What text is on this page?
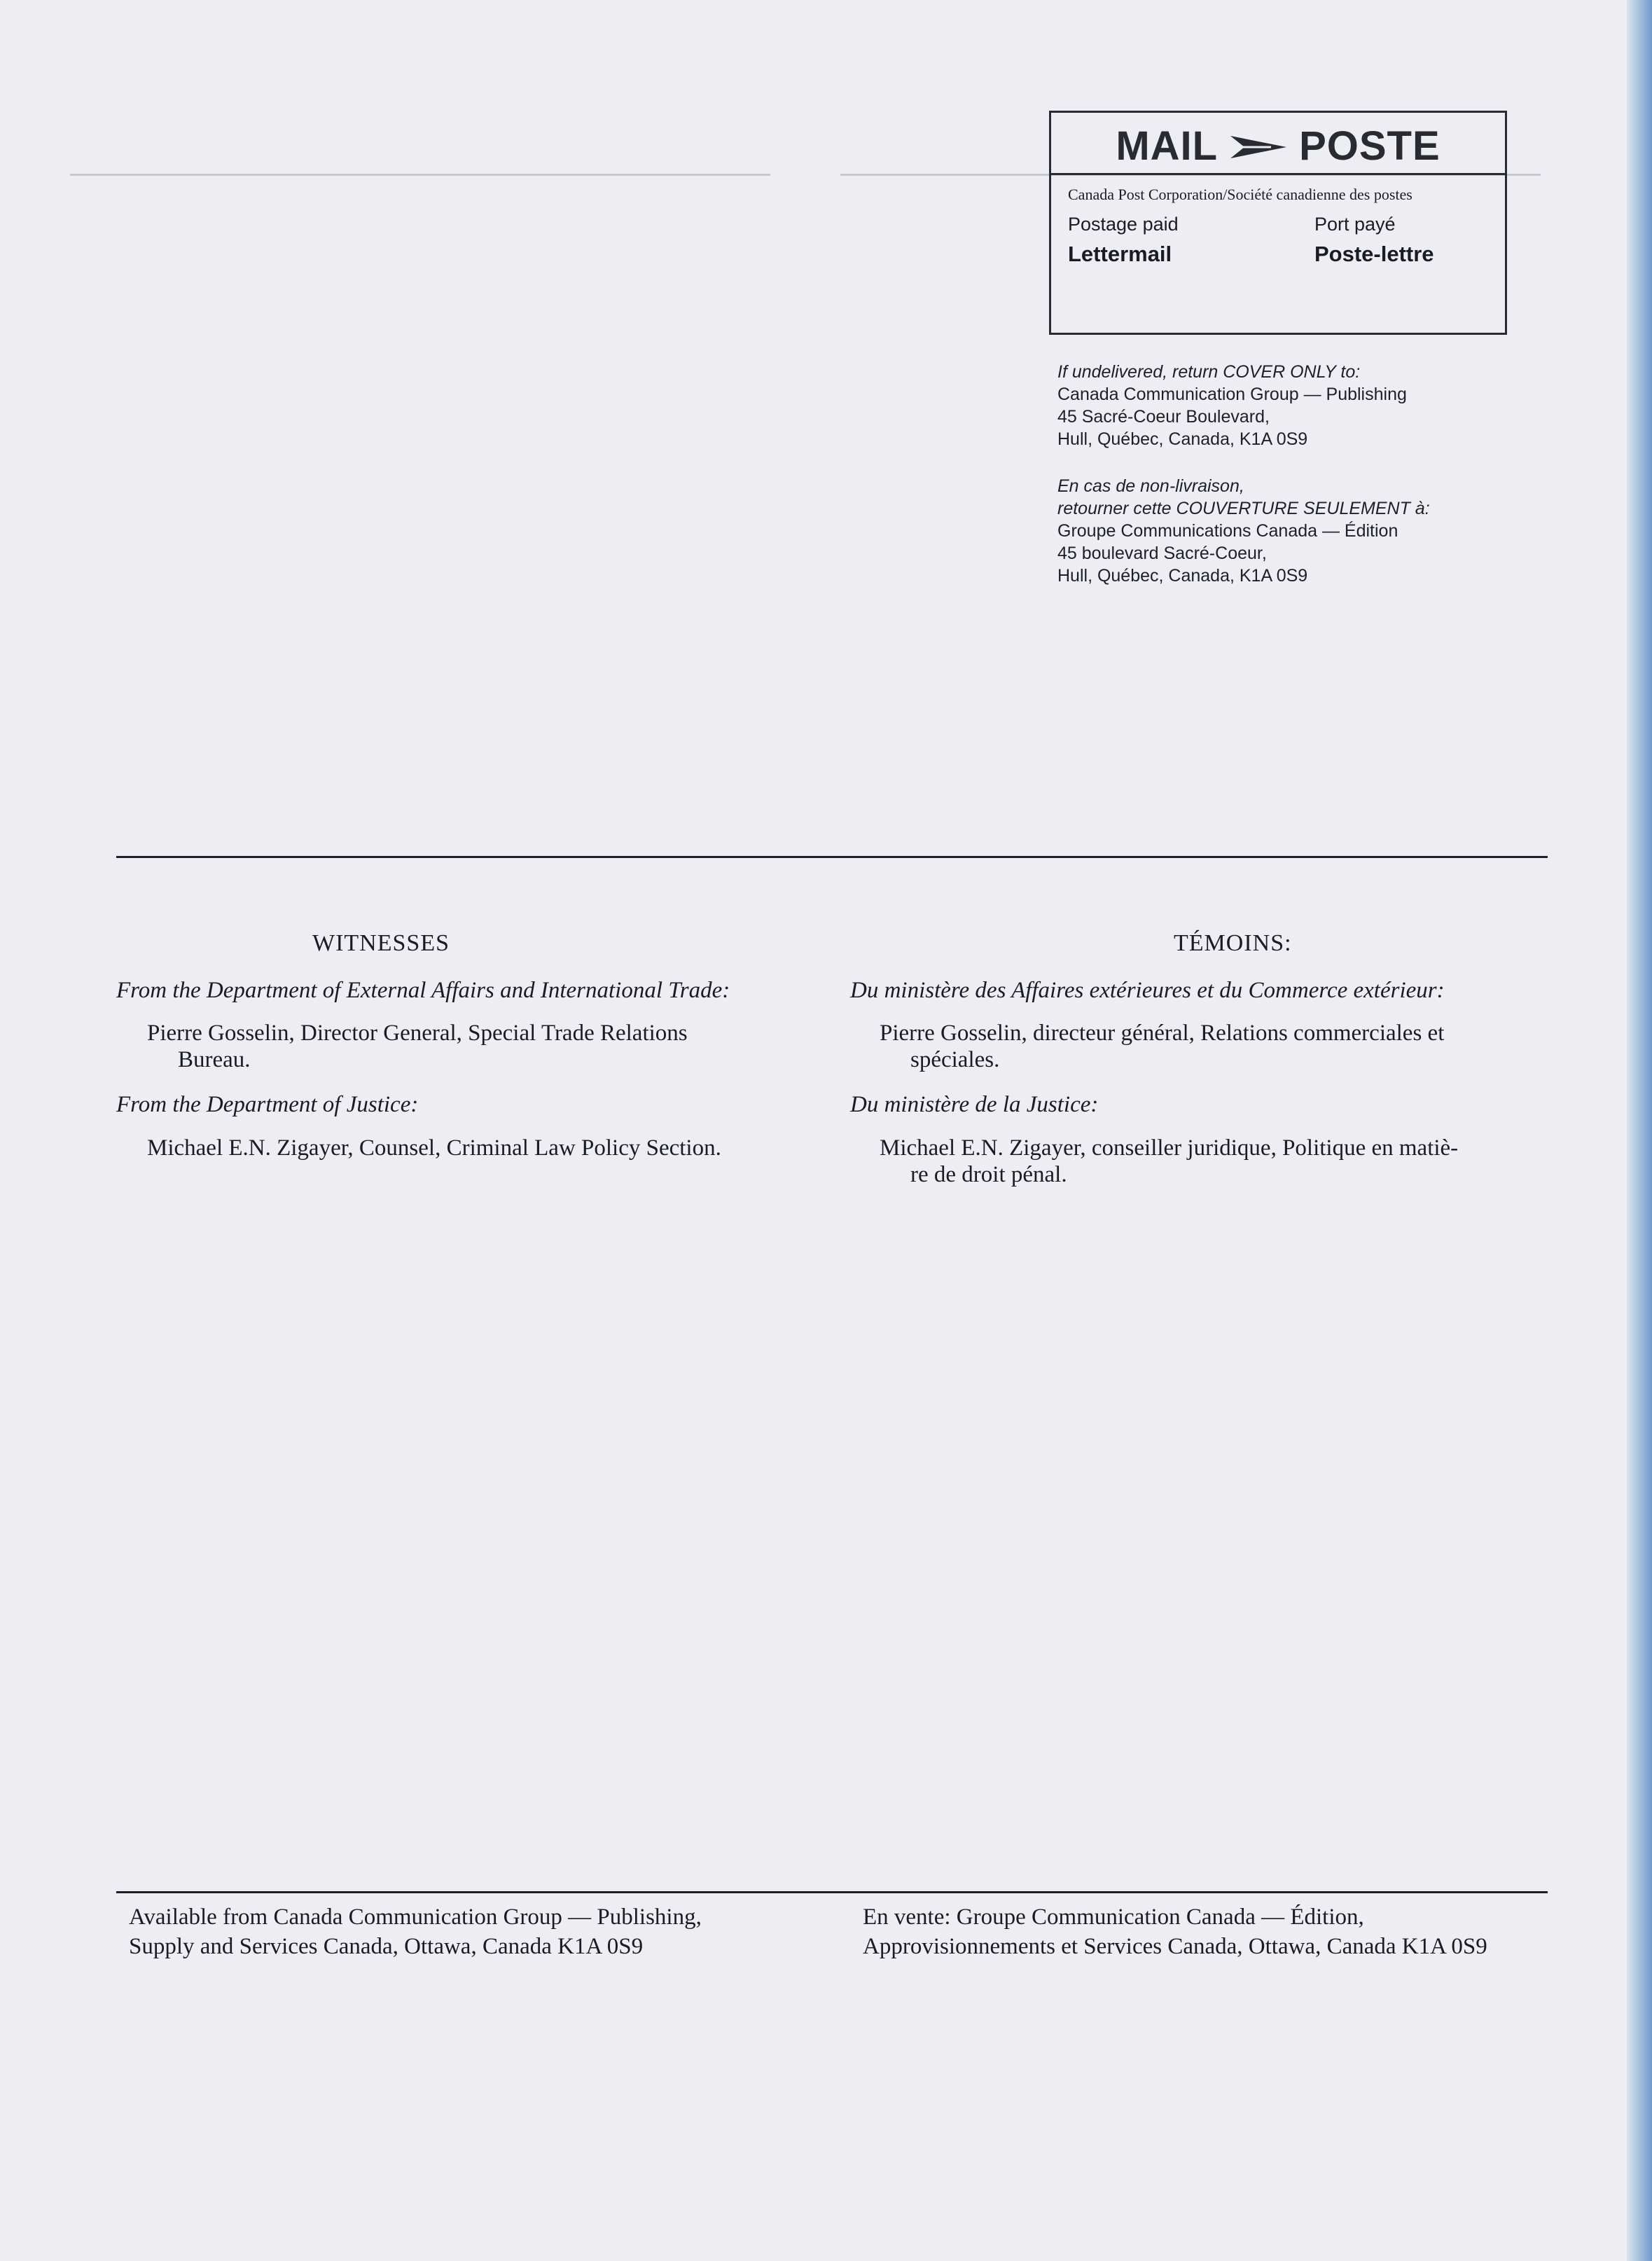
MAIL POSTE
Canada Post Corporation/Société canadienne des postes
Postage paid	Port payé
Lettermail	Poste-lettre
If undelivered, return COVER ONLY to:
Canada Communication Group — Publishing
45 Sacré-Coeur Boulevard,
Hull, Québec, Canada, K1A 0S9
En cas de non-livraison,
retourner cette COUVERTURE SEULEMENT à:
Groupe Communications Canada — Édition
45 boulevard Sacré-Coeur,
Hull, Québec, Canada, K1A 0S9
WITNESSES
From the Department of External Affairs and International Trade:
Pierre Gosselin, Director General, Special Trade Relations
Bureau.
From the Department of Justice:
Michael E.N. Zigayer, Counsel, Criminal Law Policy Section.
TÉMOINS:
Du ministère des Affaires extérieures et du Commerce extérieur:
Pierre Gosselin, directeur général, Relations commerciales et
spéciales.
Du ministère de la Justice:
Michael E.N. Zigayer, conseiller juridique, Politique en matiè-
re de droit pénal.
Available from Canada Communication Group — Publishing,
Supply and Services Canada, Ottawa, Canada K1A 0S9
En vente: Groupe Communication Canada — Édition,
Approvisionnements et Services Canada, Ottawa, Canada K1A 0S9
